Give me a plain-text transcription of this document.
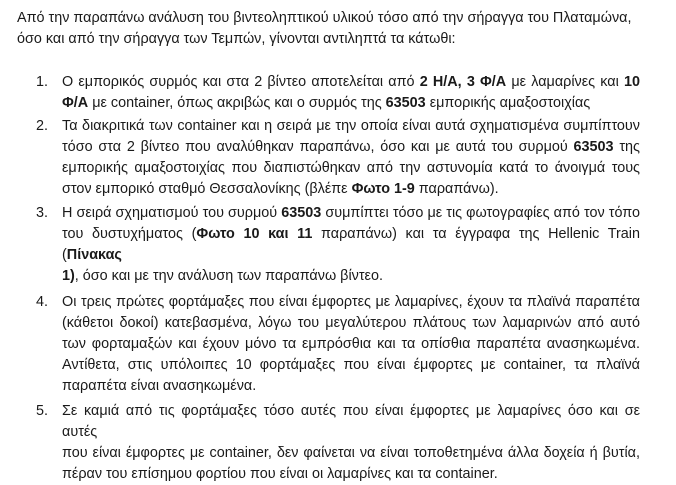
Από την παραπάνω ανάλυση του βιντεοληπτικού υλικού τόσο από την σήραγγα του Πλαταμώνα,
όσο και από την σήραγγα των Τεμπών, γίνονται αντιληπτά τα κάτωθι:
1. Ο εμπορικός συρμός και στα 2 βίντεο αποτελείται από 2 Η/Α, 3 Φ/Α με λαμαρίνες και 10
Φ/Α με container, όπως ακριβώς και ο συρμός της 63503 εμπορικής αμαξοστοιχίας
2. Τα διακριτικά των container και η σειρά με την οποία είναι αυτά σχηματισμένα συμπίπτουν
τόσο στα 2 βίντεο που αναλύθηκαν παραπάνω, όσο και με αυτά του συρμού 63503 της
εμπορικής αμαξοστοιχίας που διαπιστώθηκαν από την αστυνομία κατά το άνοιγμά τους
στον εμπορικό σταθμό Θεσσαλονίκης (βλέπε Φωτο 1-9 παραπάνω).
3. Η σειρά σχηματισμού του συρμού 63503 συμπίπτει τόσο με τις φωτογραφίες από τον τόπο
του δυστυχήματος (Φωτο 10 και 11 παραπάνω) και τα έγγραφα της Hellenic Train (Πίνακας
1), όσο και με την ανάλυση των παραπάνω βίντεο.
4. Οι τρεις πρώτες φορτάμαξες που είναι έμφορτες με λαμαρίνες, έχουν τα πλαϊνά παραπέτα
(κάθετοι δοκοί) κατεβασμένα, λόγω του μεγαλύτερου πλάτους των λαμαρινών από αυτό
των φορταμαξών και έχουν μόνο τα εμπρόσθια και τα οπίσθια παραπέτα ανασηκωμένα.
Αντίθετα, στις υπόλοιπες 10 φορτάμαξες που είναι έμφορτες με container, τα πλαϊνά
παραπέτα είναι ανασηκωμένα.
5. Σε καμιά από τις φορτάμαξες τόσο αυτές που είναι έμφορτες με λαμαρίνες όσο και σε αυτές
που είναι έμφορτες με container, δεν φαίνεται να είναι τοποθετημένα άλλα δοχεία ή βυτία,
πέραν του επίσημου φορτίου που είναι οι λαμαρίνες και τα container.
